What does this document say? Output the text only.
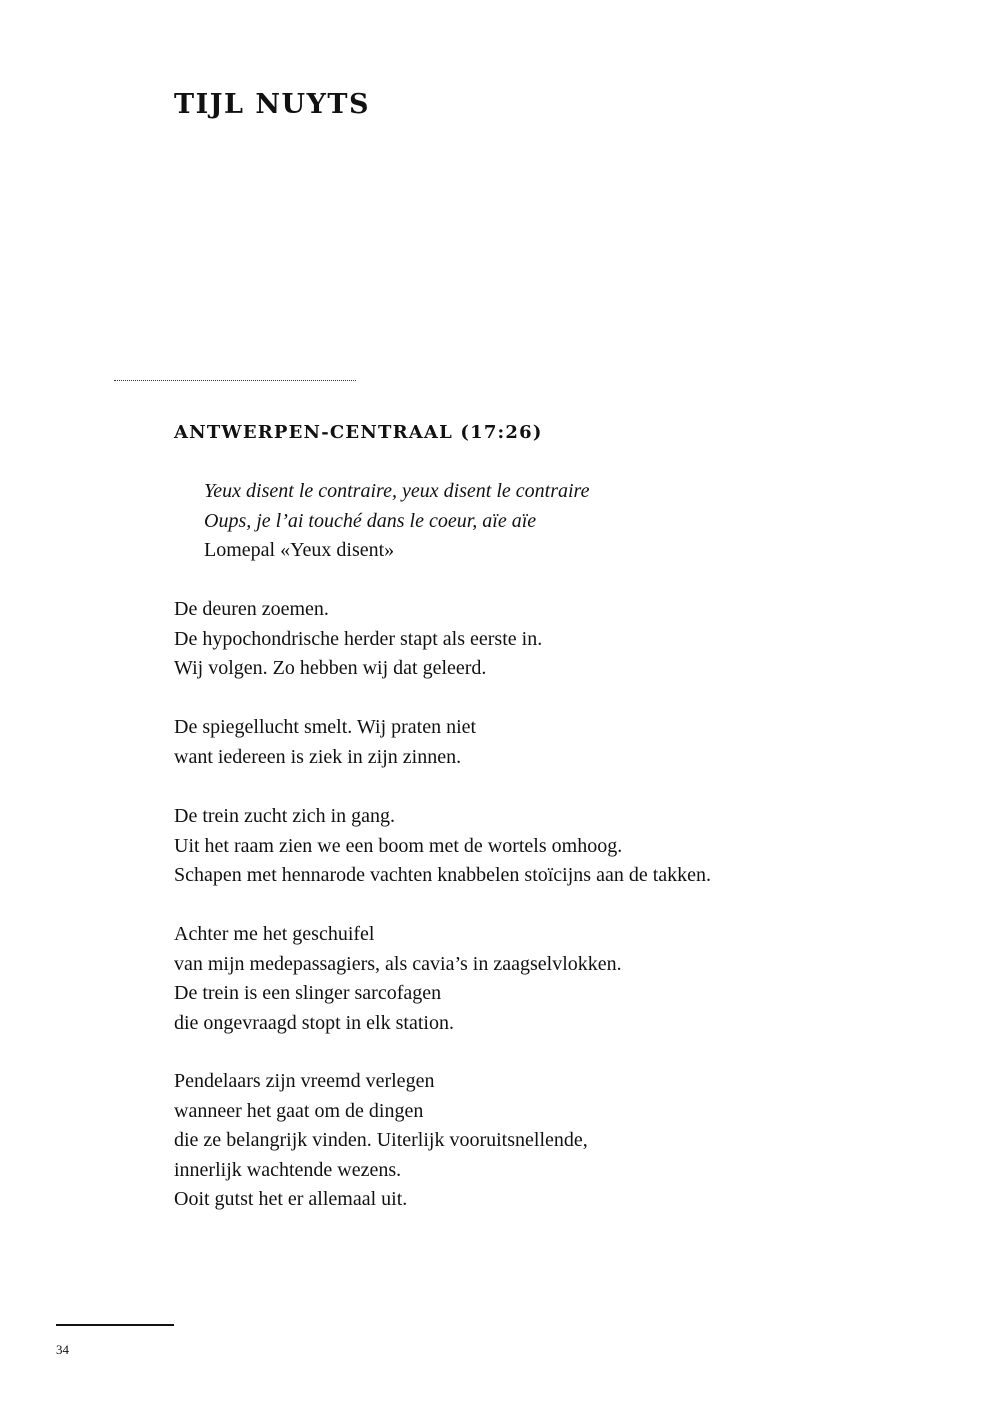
TIJL NUYTS
ANTWERPEN-CENTRAAL (17:26)
Yeux disent le contraire, yeux disent le contraire
Oups, je l’ai touché dans le coeur, aïe aïe
Lomepal «Yeux disent»
De deuren zoemen.
De hypochondrische herder stapt als eerste in.
Wij volgen. Zo hebben wij dat geleerd.
De spiegellucht smelt. Wij praten niet
want iedereen is ziek in zijn zinnen.
De trein zucht zich in gang.
Uit het raam zien we een boom met de wortels omhoog.
Schapen met hennarode vachten knabbelen stoïcijns aan de takken.
Achter me het geschuifel
van mijn medepassagiers, als cavia’s in zaagselvlokken.
De trein is een slinger sarcofagen
die ongevraagd stopt in elk station.
Pendelaars zijn vreemd verlegen
wanneer het gaat om de dingen
die ze belangrijk vinden. Uiterlijk vooruitsnellende,
innerlijk wachtende wezens.
Ooit gutst het er allemaal uit.
34
